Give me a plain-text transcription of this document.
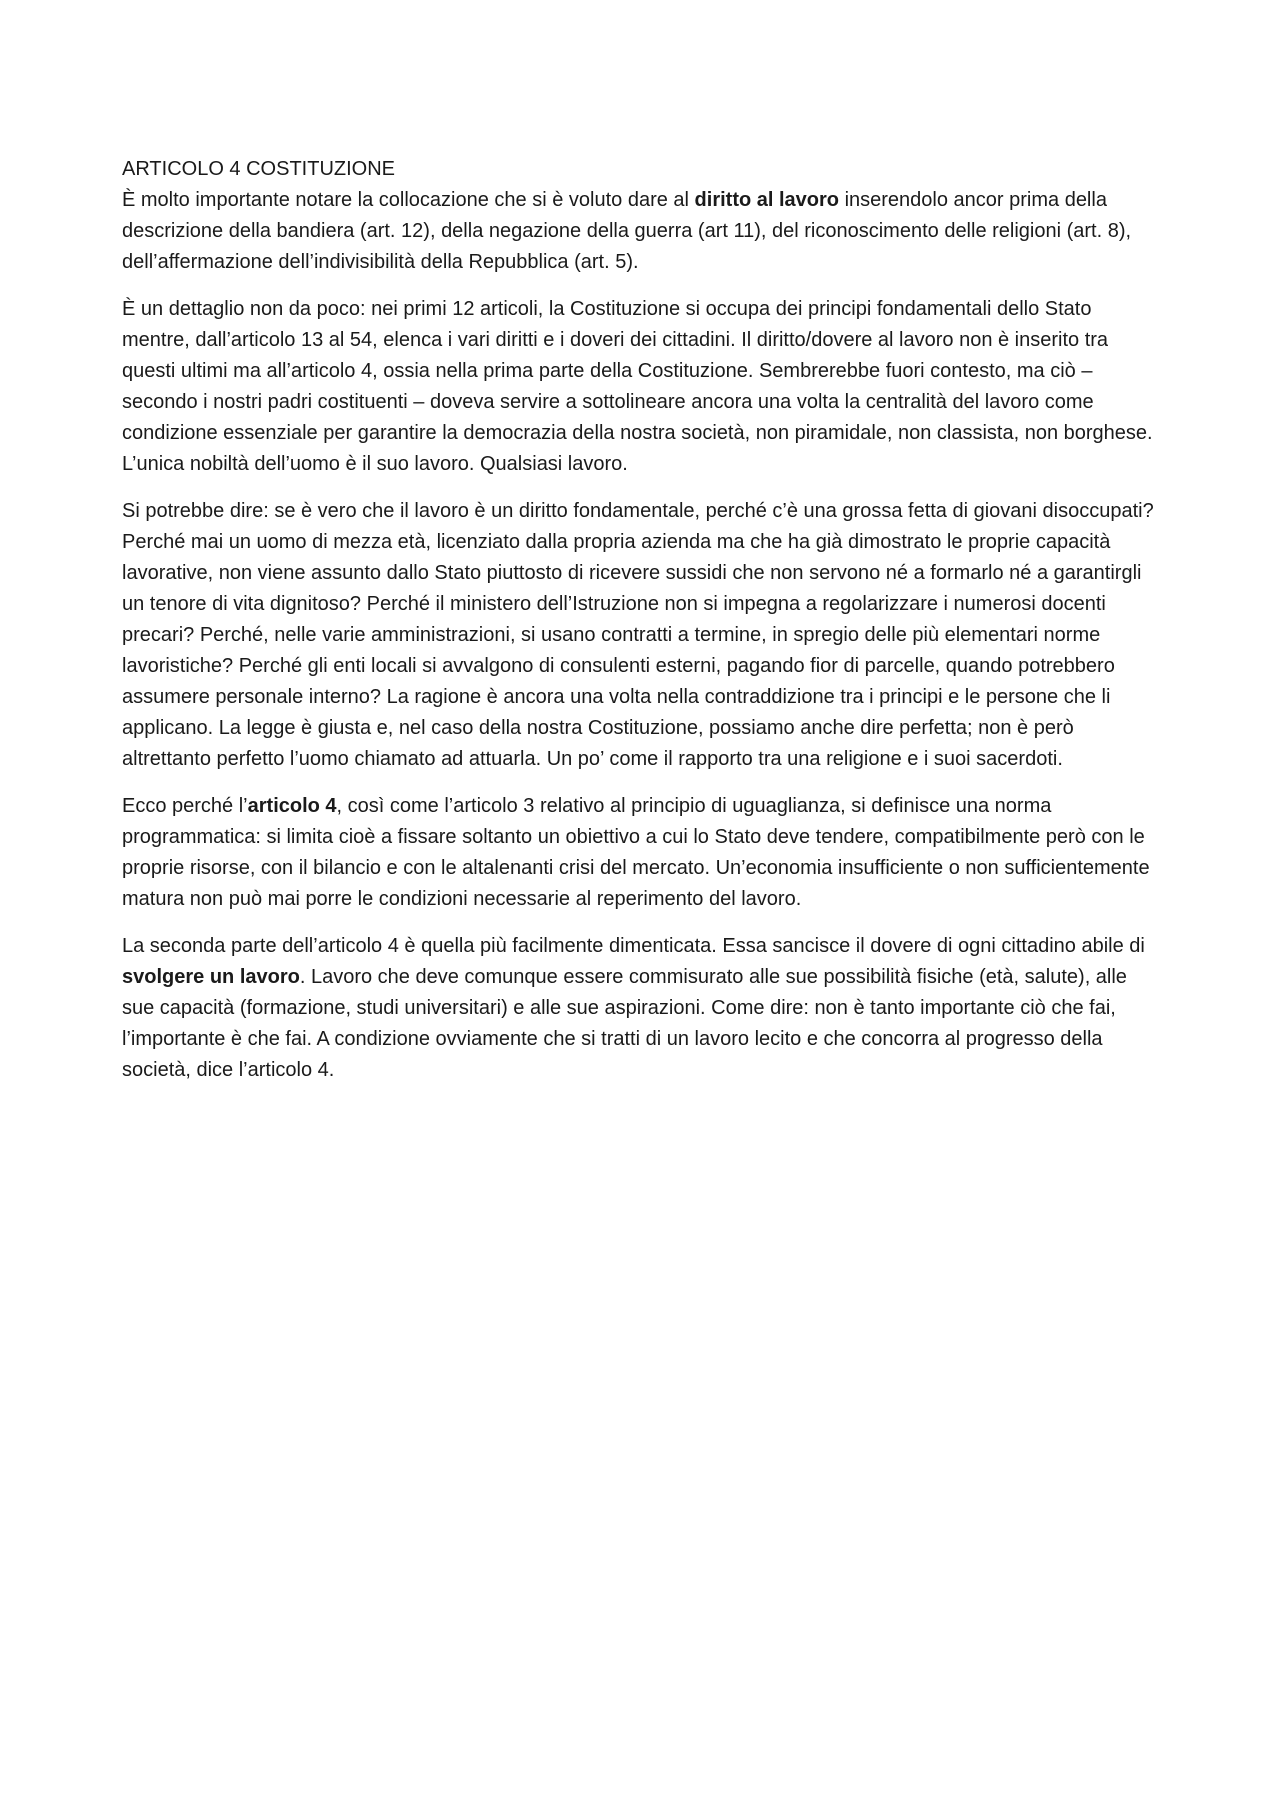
ARTICOLO 4 COSTITUZIONE

È molto importante notare la collocazione che si è voluto dare al diritto al lavoro inserendolo ancor prima della descrizione della bandiera (art. 12), della negazione della guerra (art 11), del riconoscimento delle religioni (art. 8), dell’affermazione dell’indivisibilità della Repubblica (art. 5).

È un dettaglio non da poco: nei primi 12 articoli, la Costituzione si occupa dei principi fondamentali dello Stato mentre, dall’articolo 13 al 54, elenca i vari diritti e i doveri dei cittadini. Il diritto/dovere al lavoro non è inserito tra questi ultimi ma all’articolo 4, ossia nella prima parte della Costituzione. Sembrerebbe fuori contesto, ma ciò – secondo i nostri padri costituenti – doveva servire a sottolineare ancora una volta la centralità del lavoro come condizione essenziale per garantire la democrazia della nostra società, non piramidale, non classista, non borghese. L’unica nobiltà dell’uomo è il suo lavoro. Qualsiasi lavoro.

Si potrebbe dire: se è vero che il lavoro è un diritto fondamentale, perché c’è una grossa fetta di giovani disoccupati? Perché mai un uomo di mezza età, licenziato dalla propria azienda ma che ha già dimostrato le proprie capacità lavorative, non viene assunto dallo Stato piuttosto di ricevere sussidi che non servono né a formarlo né a garantirgli un tenore di vita dignitoso? Perché il ministero dell’Istruzione non si impegna a regolarizzare i numerosi docenti precari? Perché, nelle varie amministrazioni, si usano contratti a termine, in spregio delle più elementari norme lavoristiche? Perché gli enti locali si avvalgono di consulenti esterni, pagando fior di parcelle, quando potrebbero assumere personale interno? La ragione è ancora una volta nella contraddizione tra i principi e le persone che li applicano. La legge è giusta e, nel caso della nostra Costituzione, possiamo anche dire perfetta; non è però altrettanto perfetto l’uomo chiamato ad attuarla. Un po’ come il rapporto tra una religione e i suoi sacerdoti.

Ecco perché l’articolo 4, così come l’articolo 3 relativo al principio di uguaglianza, si definisce una norma programmatica: si limita cioè a fissare soltanto un obiettivo a cui lo Stato deve tendere, compatibilmente però con le proprie risorse, con il bilancio e con le altalenanti crisi del mercato. Un’economia insufficiente o non sufficientemente matura non può mai porre le condizioni necessarie al reperimento del lavoro.

La seconda parte dell’articolo 4 è quella più facilmente dimenticata. Essa sancisce il dovere di ogni cittadino abile di svolgere un lavoro. Lavoro che deve comunque essere commisurato alle sue possibilità fisiche (età, salute), alle sue capacità (formazione, studi universitari) e alle sue aspirazioni. Come dire: non è tanto importante ciò che fai, l’importante è che fai. A condizione ovviamente che si tratti di un lavoro lecito e che concorra al progresso della società, dice l’articolo 4.
